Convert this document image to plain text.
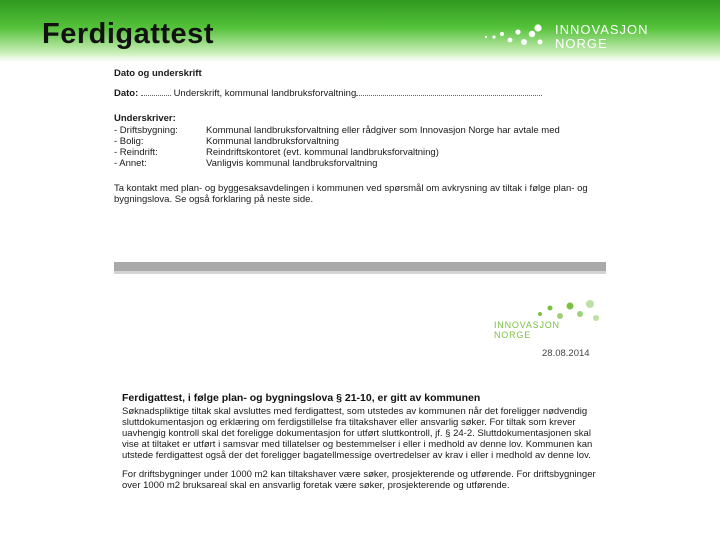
Ferdigattest	INNOVASJON
NORGE
Dato og underskrift
Dato:	Underskrift, kommunal landbruksforvaltning
Underskriver:
- Driftsbygning:	Kommunal landbruksforvaltning eller rådgiver som Innovasjon Norge har avtale med
- Bolig:	Kommunal landbruksforvaltning
- Reindrift:	Reindriftskontoret (evt. kommunal landbruksforvaltning)
- Annet:	Vanligvis kommunal landbruksforvaltning
Ta kontakt med plan- og byggesaksavdelingen i kommunen ved spørsmål om avkrysning av tiltak i følge plan- og bygningslova. Se også forklaring på neste side.
INNOVASJON
NORGE
28.08.2014
Ferdigattest, i følge plan- og bygningslova § 21-10, er gitt av kommunen

Søknadspliktige tiltak skal avsluttes med ferdigattest, som utstedes av kommunen når det foreligger nødvendig sluttdokumentasjon og erklæring om ferdigstillelse fra tiltakshaver eller ansvarlig søker. For tiltak som krever uavhengig kontroll skal det foreligge dokumentasjon for utført sluttkontroll, jf. § 24-2. Sluttdokumentasjonen skal vise at tiltaket er utført i samsvar med tillatelser og bestemmelser i eller i medhold av denne lov. Kommunen kan utstede ferdigattest også der det foreligger bagatellmessige overtredelser av krav i eller i medhold av denne lov.

For driftsbygninger under 1000 m2 kan tiltakshaver være søker, prosjekterende og utførende. For driftsbygninger over 1000 m2 bruksareal skal en ansvarlig foretak være søker, prosjekterende og utførende.
